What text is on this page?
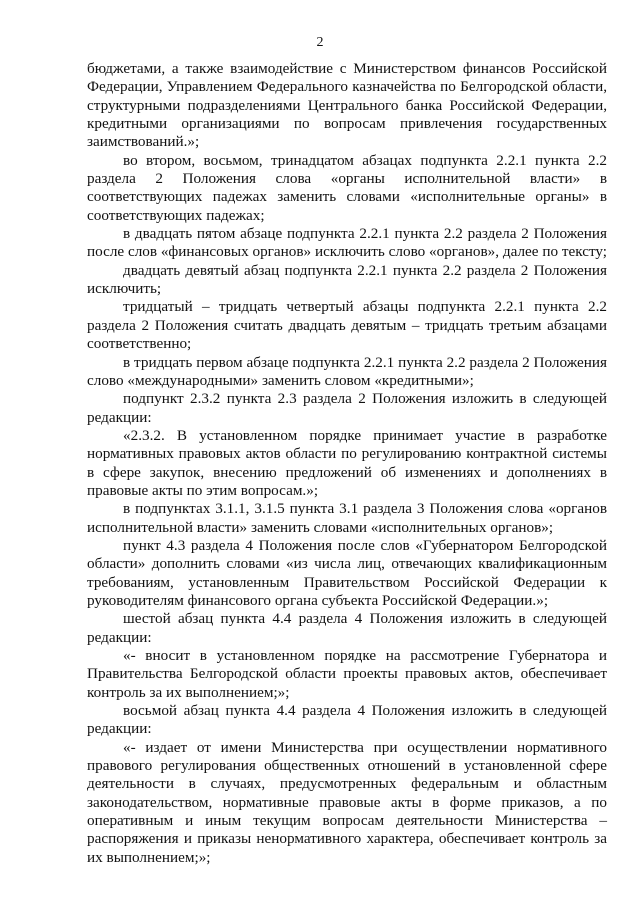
2

бюджетами, а также взаимодействие с Министерством финансов Российской Федерации, Управлением Федерального казначейства по Белгородской области, структурными подразделениями Центрального банка Российской Федерации, кредитными организациями по вопросам привлечения государственных заимствований.»;

во втором, восьмом, тринадцатом абзацах подпункта 2.2.1 пункта 2.2 раздела 2 Положения слова «органы исполнительной власти» в соответствующих падежах заменить словами «исполнительные органы» в соответствующих падежах;

в двадцать пятом абзаце подпункта 2.2.1 пункта 2.2 раздела 2 Положения после слов «финансовых органов» исключить слово «органов», далее по тексту;

двадцать девятый абзац подпункта 2.2.1 пункта 2.2 раздела 2 Положения исключить;

тридцатый – тридцать четвертый абзацы подпункта 2.2.1 пункта 2.2 раздела 2 Положения считать двадцать девятым – тридцать третьим абзацами соответственно;

в тридцать первом абзаце подпункта 2.2.1 пункта 2.2 раздела 2 Положения слово «международными» заменить словом «кредитными»;

подпункт 2.3.2 пункта 2.3 раздела 2 Положения изложить в следующей редакции:

«2.3.2. В установленном порядке принимает участие в разработке нормативных правовых актов области по регулированию контрактной системы в сфере закупок, внесению предложений об изменениях и дополнениях в правовые акты по этим вопросам.»;

в подпунктах 3.1.1, 3.1.5 пункта 3.1 раздела 3 Положения слова «органов исполнительной власти» заменить словами «исполнительных органов»;

пункт 4.3 раздела 4 Положения после слов «Губернатором Белгородской области» дополнить словами «из числа лиц, отвечающих квалификационным требованиям, установленным Правительством Российской Федерации к руководителям финансового органа субъекта Российской Федерации.»;

шестой абзац пункта 4.4 раздела 4 Положения изложить в следующей редакции:

«- вносит в установленном порядке на рассмотрение Губернатора и Правительства Белгородской области проекты правовых актов, обеспечивает контроль за их выполнением;»;

восьмой абзац пункта 4.4 раздела 4 Положения изложить в следующей редакции:

«- издает от имени Министерства при осуществлении нормативного правового регулирования общественных отношений в установленной сфере деятельности в случаях, предусмотренных федеральным и областным законодательством, нормативные правовые акты в форме приказов, а по оперативным и иным текущим вопросам деятельности Министерства – распоряжения и приказы ненормативного характера, обеспечивает контроль за их выполнением;»;
